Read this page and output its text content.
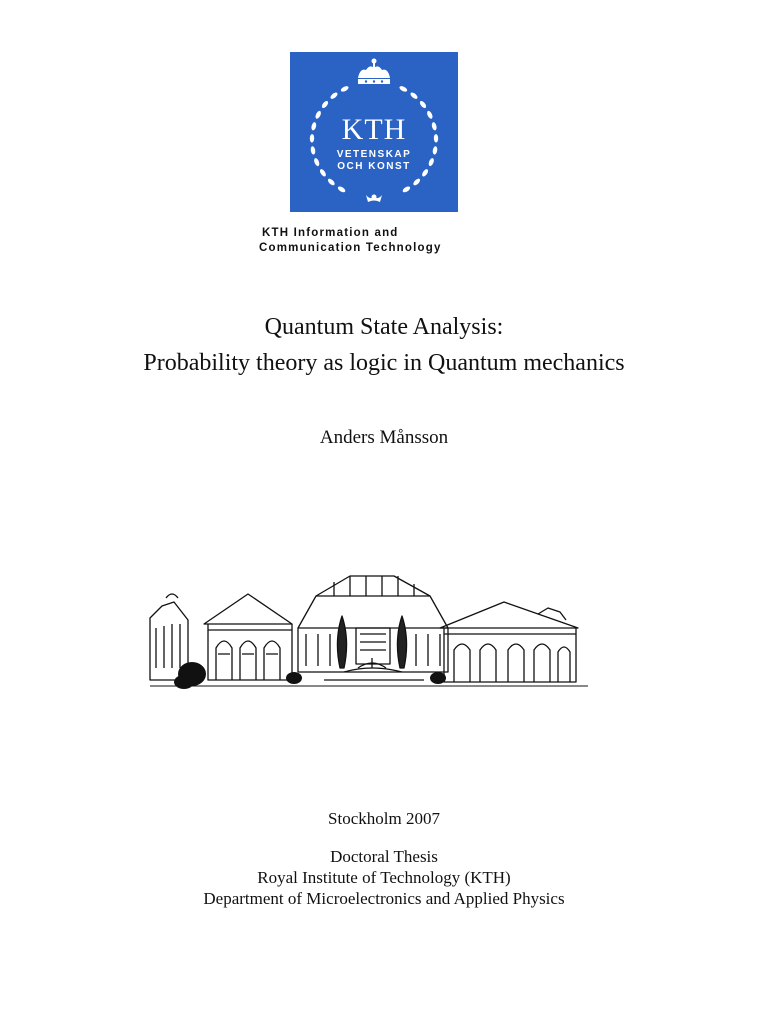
KTH
VETENSKAP
OCH KONST
KTH Information and
Communication Technology
Quantum State Analysis:
Probability theory as logic in Quantum mechanics
Anders Månsson
Stockholm 2007
Doctoral Thesis
Royal Institute of Technology (KTH)
Department of Microelectronics and Applied Physics
